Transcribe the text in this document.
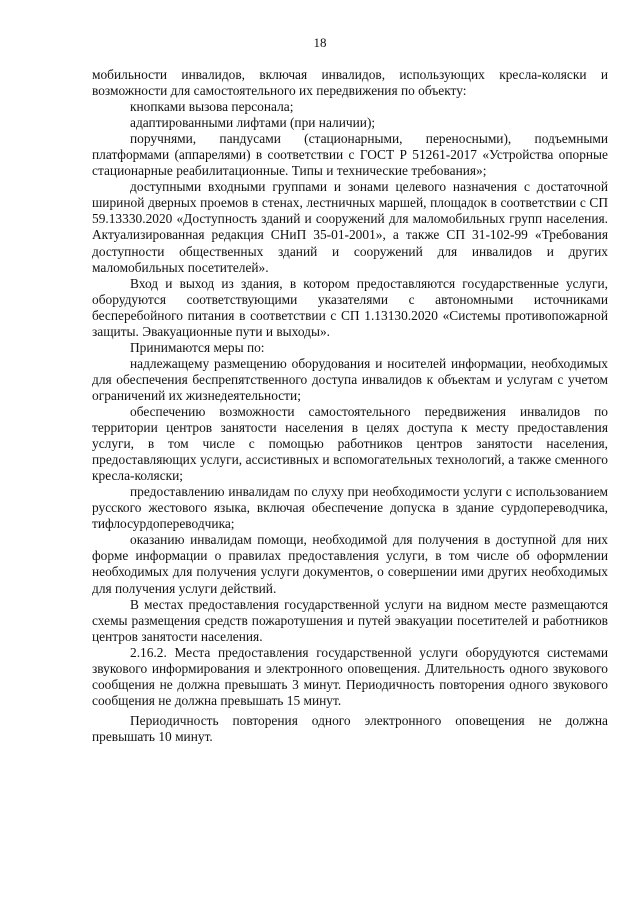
18

мобильности инвалидов, включая инвалидов, использующих кресла-коляски и возможности для самостоятельного их передвижения по объекту:

кнопками вызова персонала;

адаптированными лифтами (при наличии);

поручнями, пандусами (стационарными, переносными), подъемными платформами (аппарелями) в соответствии с ГОСТ Р 51261-2017 «Устройства опорные стационарные реабилитационные. Типы и технические требования»;

доступными входными группами и зонами целевого назначения с достаточной шириной дверных проемов в стенах, лестничных маршей, площадок в соответствии с СП 59.13330.2020 «Доступность зданий и сооружений для маломобильных групп населения. Актуализированная редакция СНиП 35-01-2001», а также СП 31-102-99 «Требования доступности общественных зданий и сооружений для инвалидов и других маломобильных посетителей».

Вход и выход из здания, в котором предоставляются государственные услуги, оборудуются соответствующими указателями с автономными источниками бесперебойного питания в соответствии с СП 1.13130.2020 «Системы противопожарной защиты. Эвакуационные пути и выходы».

Принимаются меры по:

надлежащему размещению оборудования и носителей информации, необходимых для обеспечения беспрепятственного доступа инвалидов к объектам и услугам с учетом ограничений их жизнедеятельности;

обеспечению возможности самостоятельного передвижения инвалидов по территории центров занятости населения в целях доступа к месту предоставления услуги, в том числе с помощью работников центров занятости населения, предоставляющих услуги, ассистивных и вспомогательных технологий, а также сменного кресла-коляски;

предоставлению инвалидам по слуху при необходимости услуги с использованием русского жестового языка, включая обеспечение допуска в здание сурдопереводчика, тифлосурдопереводчика;

оказанию инвалидам помощи, необходимой для получения в доступной для них форме информации о правилах предоставления услуги, в том числе об оформлении необходимых для получения услуги документов, о совершении ими других необходимых для получения услуги действий.

В местах предоставления государственной услуги на видном месте размещаются схемы размещения средств пожаротушения и путей эвакуации посетителей и работников центров занятости населения.

2.16.2. Места предоставления государственной услуги оборудуются системами звукового информирования и электронного оповещения. Длительность одного звукового сообщения не должна превышать 3 минут. Периодичность повторения одного звукового сообщения не должна превышать 15 минут.

Периодичность повторения одного электронного оповещения не должна превышать 10 минут.
